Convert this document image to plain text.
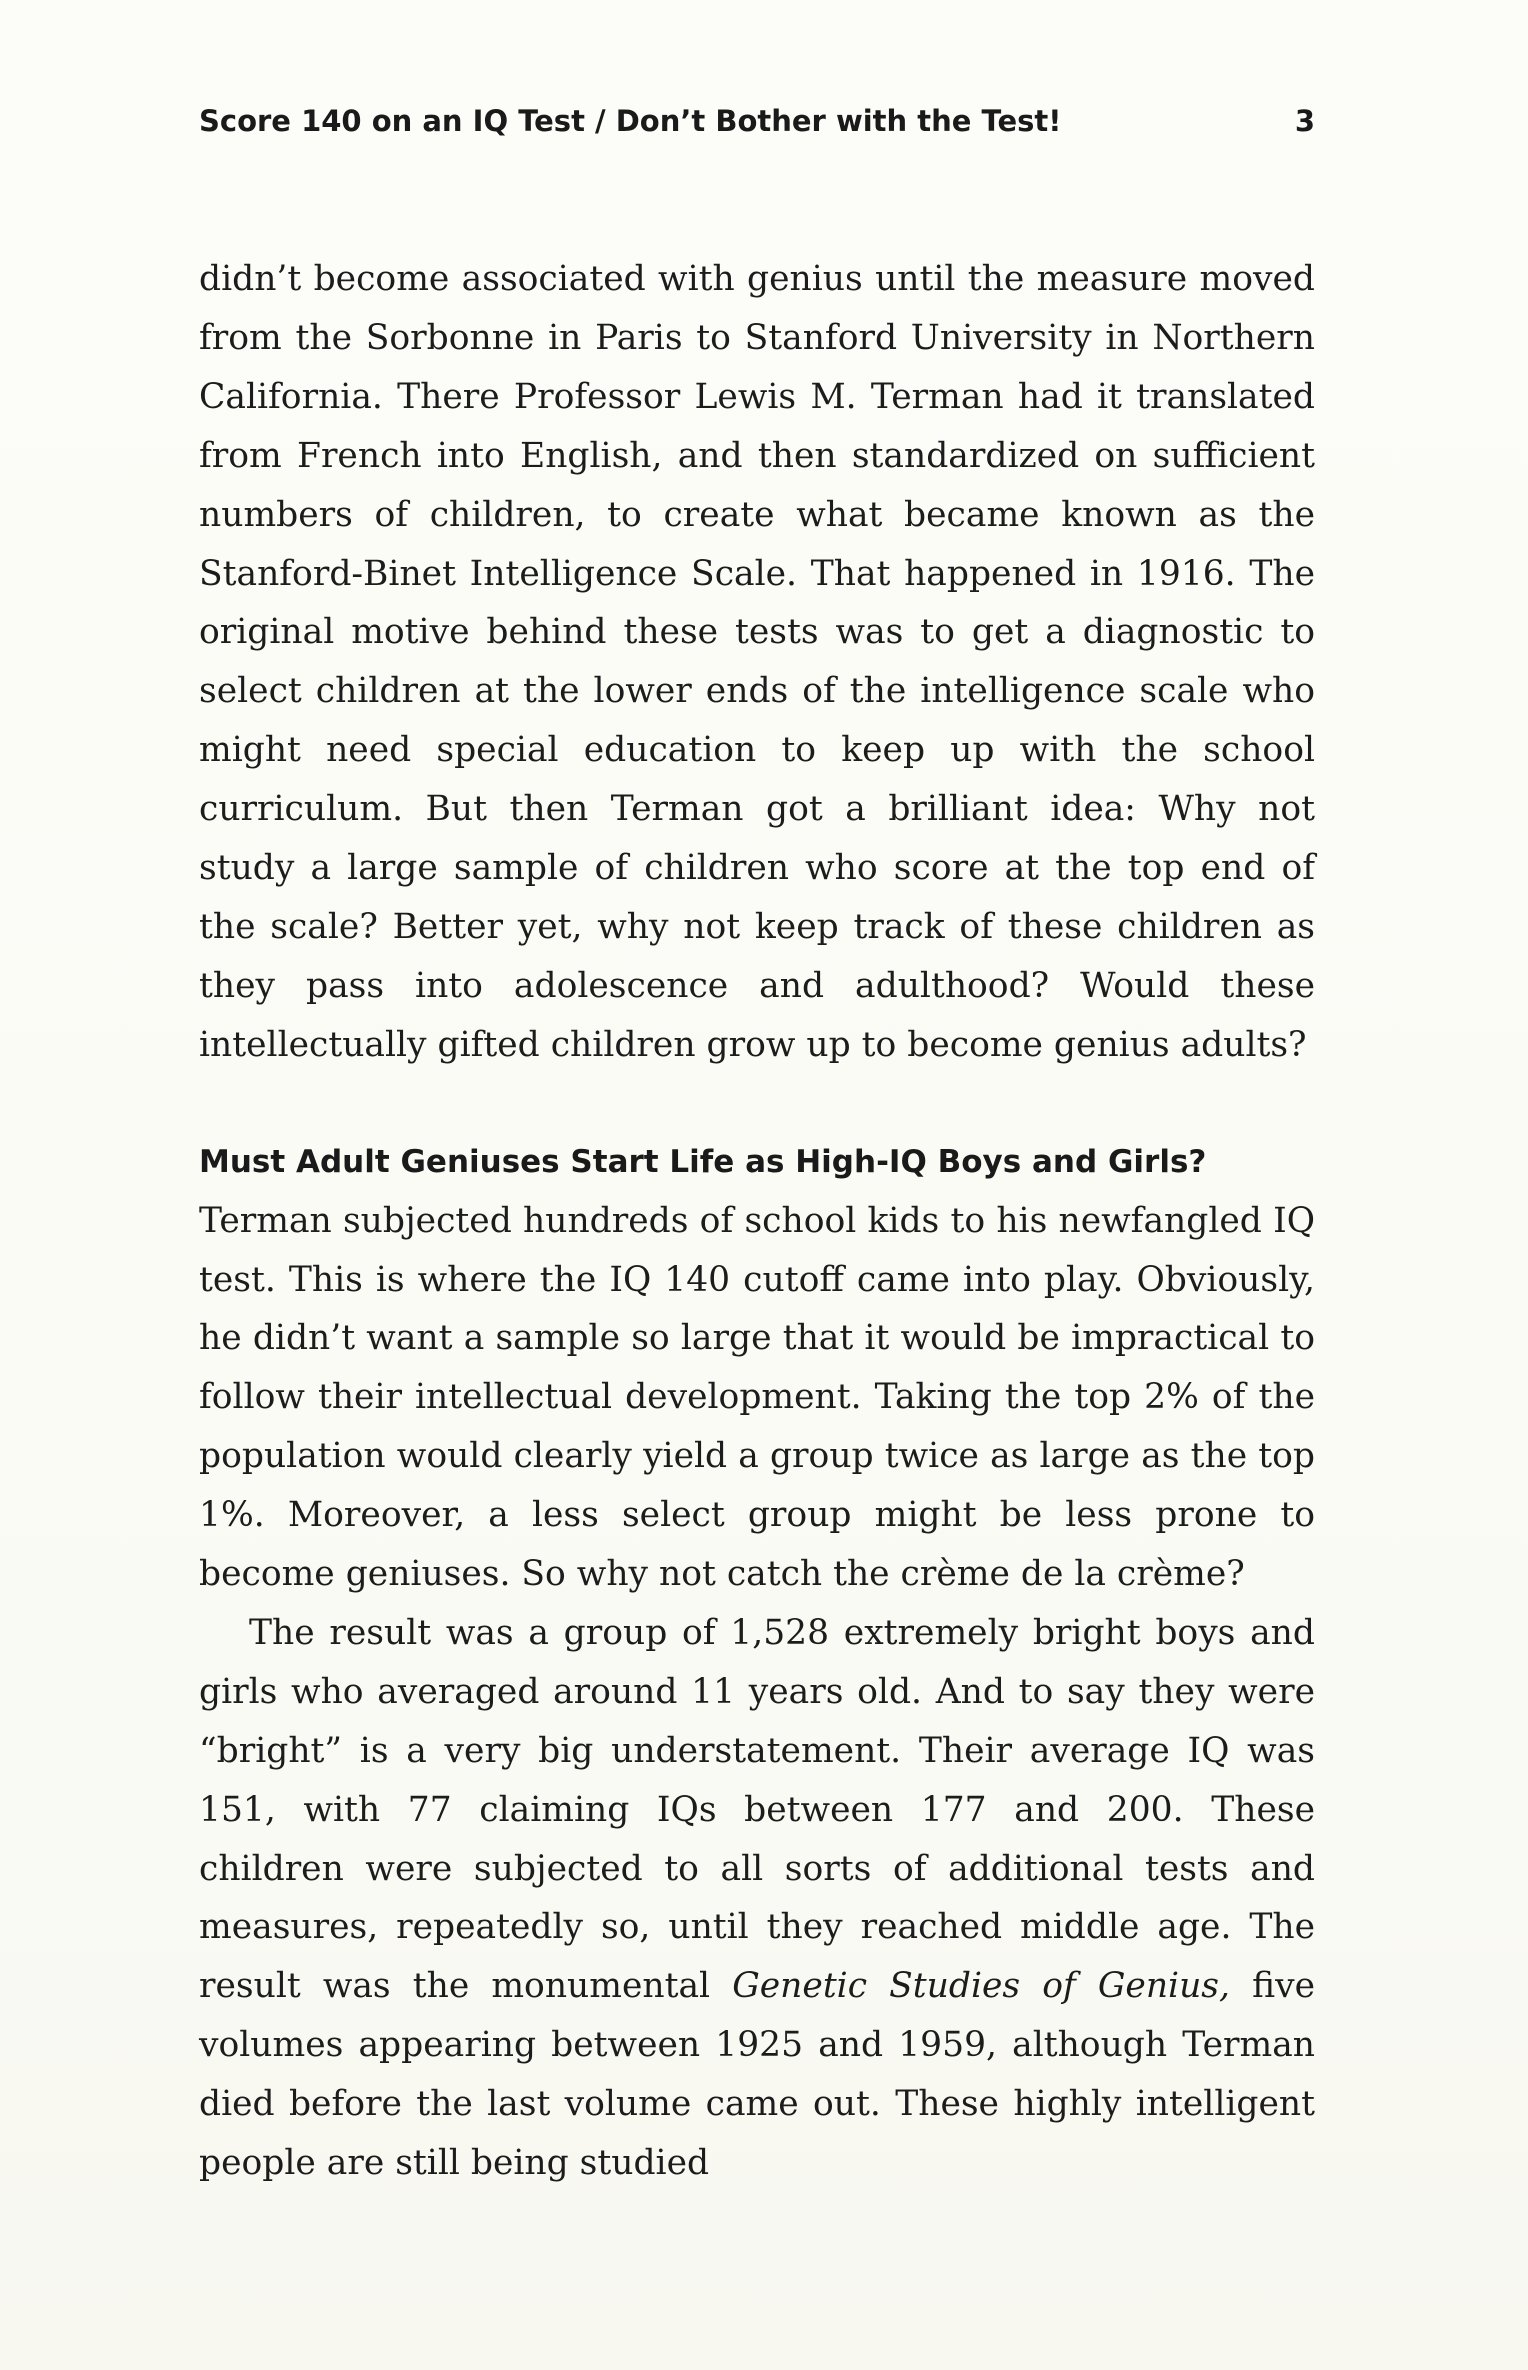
Score 140 on an IQ Test / Don’t Bother with the Test!	3

didn’t become associated with genius until the measure moved from the Sorbonne in Paris to Stanford University in Northern California. There Professor Lewis M. Terman had it translated from French into English, and then standardized on sufficient numbers of children, to create what became known as the Stanford-Binet Intelligence Scale. That happened in 1916. The original motive behind these tests was to get a diagnostic to select children at the lower ends of the intelligence scale who might need special education to keep up with the school curriculum. But then Terman got a brilliant idea: Why not study a large sample of children who score at the top end of the scale? Better yet, why not keep track of these children as they pass into adolescence and adulthood? Would these intellectually gifted children grow up to become genius adults?

Must Adult Geniuses Start Life as High-IQ Boys and Girls?

Terman subjected hundreds of school kids to his newfangled IQ test. This is where the IQ 140 cutoff came into play. Obviously, he didn’t want a sample so large that it would be impractical to follow their intellectual development. Taking the top 2% of the population would clearly yield a group twice as large as the top 1%. Moreover, a less select group might be less prone to become geniuses. So why not catch the crème de la crème?

The result was a group of 1,528 extremely bright boys and girls who averaged around 11 years old. And to say they were “bright” is a very big understatement. Their average IQ was 151, with 77 claiming IQs between 177 and 200. These children were subjected to all sorts of additional tests and measures, repeatedly so, until they reached middle age. The result was the monumental Genetic Studies of Genius, five volumes appearing between 1925 and 1959, although Terman died before the last volume came out. These highly intelligent people are still being studied
